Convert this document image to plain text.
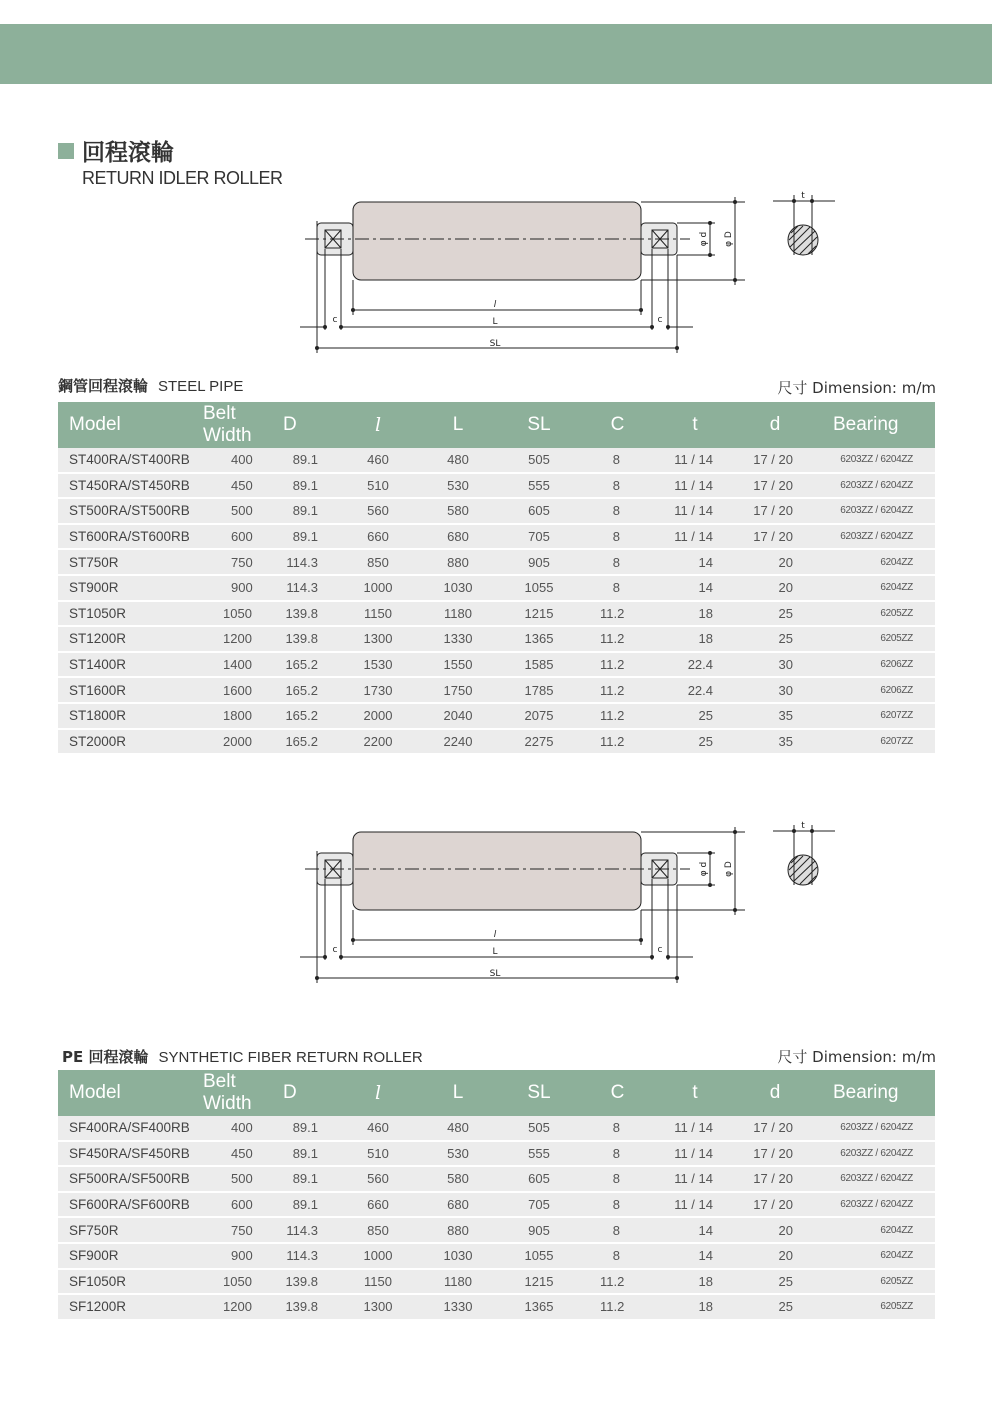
回程滾輪
RETURN IDLER ROLLER
l
L
SL
c	c
t
φ d φ D
鋼管回程滾輪 STEEL PIPE	尺寸 Dimension: m/m
Model	Belt Width	D	l	L	SL	C	t	d	Bearing
ST400RA/ST400RB	400	89.1	460	480	505	8	11 / 14	17 / 20	6203ZZ / 6204ZZ
ST450RA/ST450RB	450	89.1	510	530	555	8	11 / 14	17 / 20	6203ZZ / 6204ZZ
ST500RA/ST500RB	500	89.1	560	580	605	8	11 / 14	17 / 20	6203ZZ / 6204ZZ
ST600RA/ST600RB	600	89.1	660	680	705	8	11 / 14	17 / 20	6203ZZ / 6204ZZ
ST750R	750	114.3	850	880	905	8	14	20	6204ZZ
ST900R	900	114.3	1000	1030	1055	8	14	20	6204ZZ
ST1050R	1050	139.8	1150	1180	1215	11.2	18	25	6205ZZ
ST1200R	1200	139.8	1300	1330	1365	11.2	18	25	6205ZZ
ST1400R	1400	165.2	1530	1550	1585	11.2	22.4	30	6206ZZ
ST1600R	1600	165.2	1730	1750	1785	11.2	22.4	30	6206ZZ
ST1800R	1800	165.2	2000	2040	2075	11.2	25	35	6207ZZ
ST2000R	2000	165.2	2200	2240	2275	11.2	25	35	6207ZZ
l
L
SL
c	c
t
φ d φ D
PE 回程滾輪 SYNTHETIC FIBER RETURN ROLLER	尺寸 Dimension: m/m
Model	Belt Width	D	l	L	SL	C	t	d	Bearing
SF400RA/SF400RB	400	89.1	460	480	505	8	11 / 14	17 / 20	6203ZZ / 6204ZZ
SF450RA/SF450RB	450	89.1	510	530	555	8	11 / 14	17 / 20	6203ZZ / 6204ZZ
SF500RA/SF500RB	500	89.1	560	580	605	8	11 / 14	17 / 20	6203ZZ / 6204ZZ
SF600RA/SF600RB	600	89.1	660	680	705	8	11 / 14	17 / 20	6203ZZ / 6204ZZ
SF750R	750	114.3	850	880	905	8	14	20	6204ZZ
SF900R	900	114.3	1000	1030	1055	8	14	20	6204ZZ
SF1050R	1050	139.8	1150	1180	1215	11.2	18	25	6205ZZ
SF1200R	1200	139.8	1300	1330	1365	11.2	18	25	6205ZZ
